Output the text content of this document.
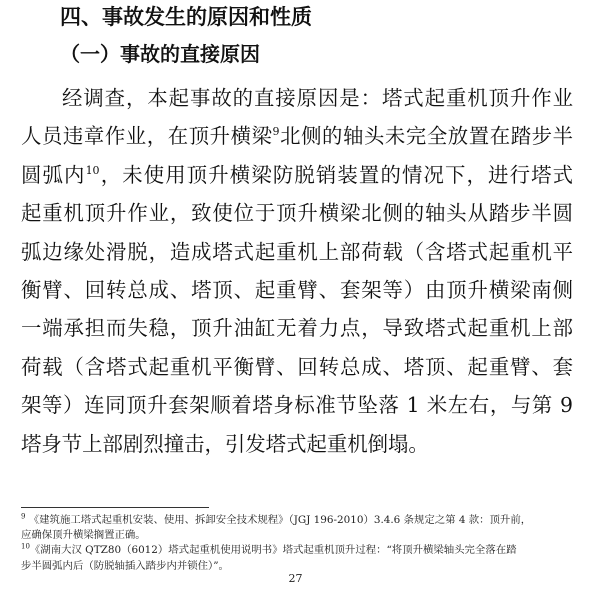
四、事故发生的原因和性质
（一）事故的直接原因
经调查，本起事故的直接原因是：塔式起重机顶升作业
人员违章作业，在顶升横梁$^9$北侧的轴头未完全放置在踏步半
圆弧内$^{10}$，未使用顶升横梁防脱销装置的情况下，进行塔式
起重机顶升作业，致使位于顶升横梁北侧的轴头从踏步半圆
弧边缘处滑脱，造成塔式起重机上部荷载（含塔式起重机平
衡臂、回转总成、塔顶、起重臂、套架等）由顶升横梁南侧
一端承担而失稳，顶升油缸无着力点，导致塔式起重机上部
荷载（含塔式起重机平衡臂、回转总成、塔顶、起重臂、套
架等）连同顶升套架顺着塔身标准节坠落 1 米左右，与第 9
塔身节上部剧烈撞击，引发塔式起重机倒塌。
$^9$ 《建筑施工塔式起重机安装、使用、拆卸安全技术规程》（JGJ 196-2010）3.4.6 条规定之第 4 款：顶升前，
应确保顶升横梁搁置正确。
$^{10}$《湖南大汉 QTZ80（6012）塔式起重机使用说明书》塔式起重机顶升过程：“将顶升横梁轴头完全落在踏
步半圆弧内后（防脱轴插入踏步内并锁住）”。
27
